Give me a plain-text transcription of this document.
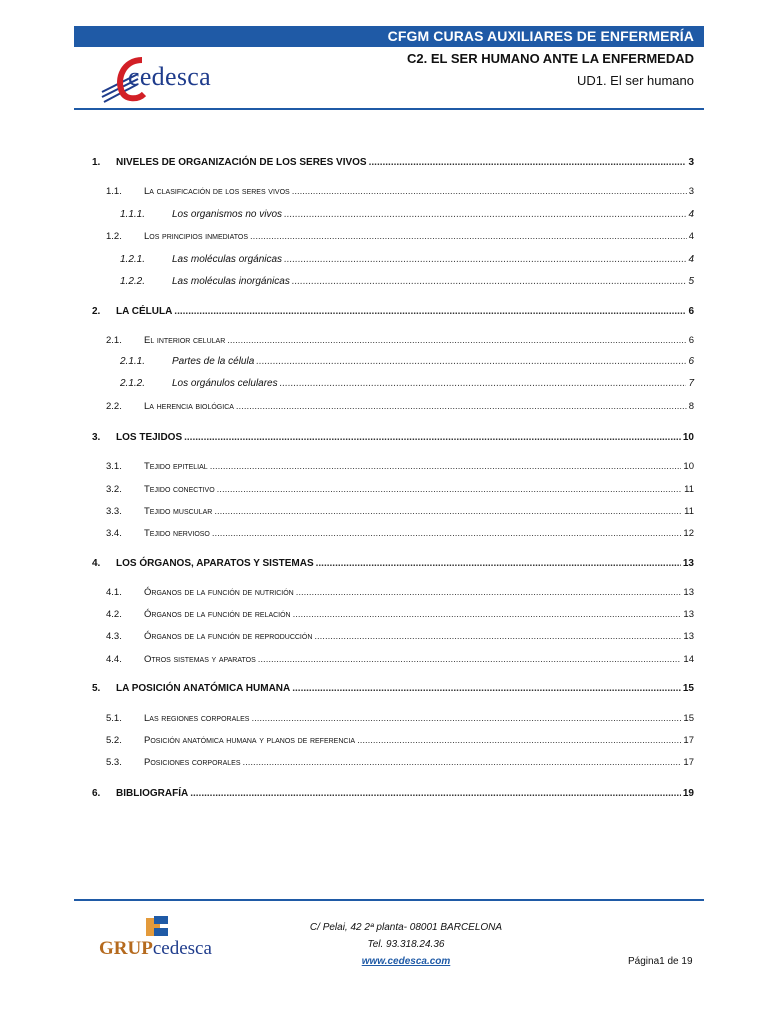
CFGM CURAS AUXILIARES DE ENFERMERÍA
C2. EL SER HUMANO ANTE LA ENFERMEDAD
UD1. El ser humano
cedesca
1.	NIVELES DE ORGANIZACIÓN DE LOS SERES VIVOS .....	3
1.1.	La clasificación de los seres vivos .....	3
1.1.1.	Los organismos no vivos .....	4
1.2.	Los principios inmediatos .....	4
1.2.1.	Las moléculas orgánicas .....	4
1.2.2.	Las moléculas inorgánicas .....	5
2.	LA CÉLULA .....	6
2.1.	El interior celular .....	6
2.1.1.	Partes de la célula .....	6
2.1.2.	Los orgánulos celulares .....	7
2.2.	La herencia biológica .....	8
3.	LOS TEJIDOS .....	10
3.1.	Tejido epitelial .....	10
3.2.	Tejido conectivo .....	11
3.3.	Tejido muscular .....	11
3.4.	Tejido nervioso .....	12
4.	LOS ÓRGANOS, APARATOS Y SISTEMAS .....	13
4.1.	Órganos de la función de nutrición .....	13
4.2.	Órganos de la función de relación .....	13
4.3.	Órganos de la función de reproducción .....	13
4.4.	Otros sistemas y aparatos .....	14
5.	LA POSICIÓN ANATÓMICA HUMANA .....	15
5.1.	Las regiones corporales .....	15
5.2.	Posición anatómica humana y planos de referencia .....	17
5.3.	Posiciones corporales .....	17
6.	BIBLIOGRAFÍA .....	19
GRUPcedesca
C/ Pelai, 42 2ª planta- 08001 BARCELONA
Tel. 93.318.24.36
www.cedesca.com	Página1 de 19
